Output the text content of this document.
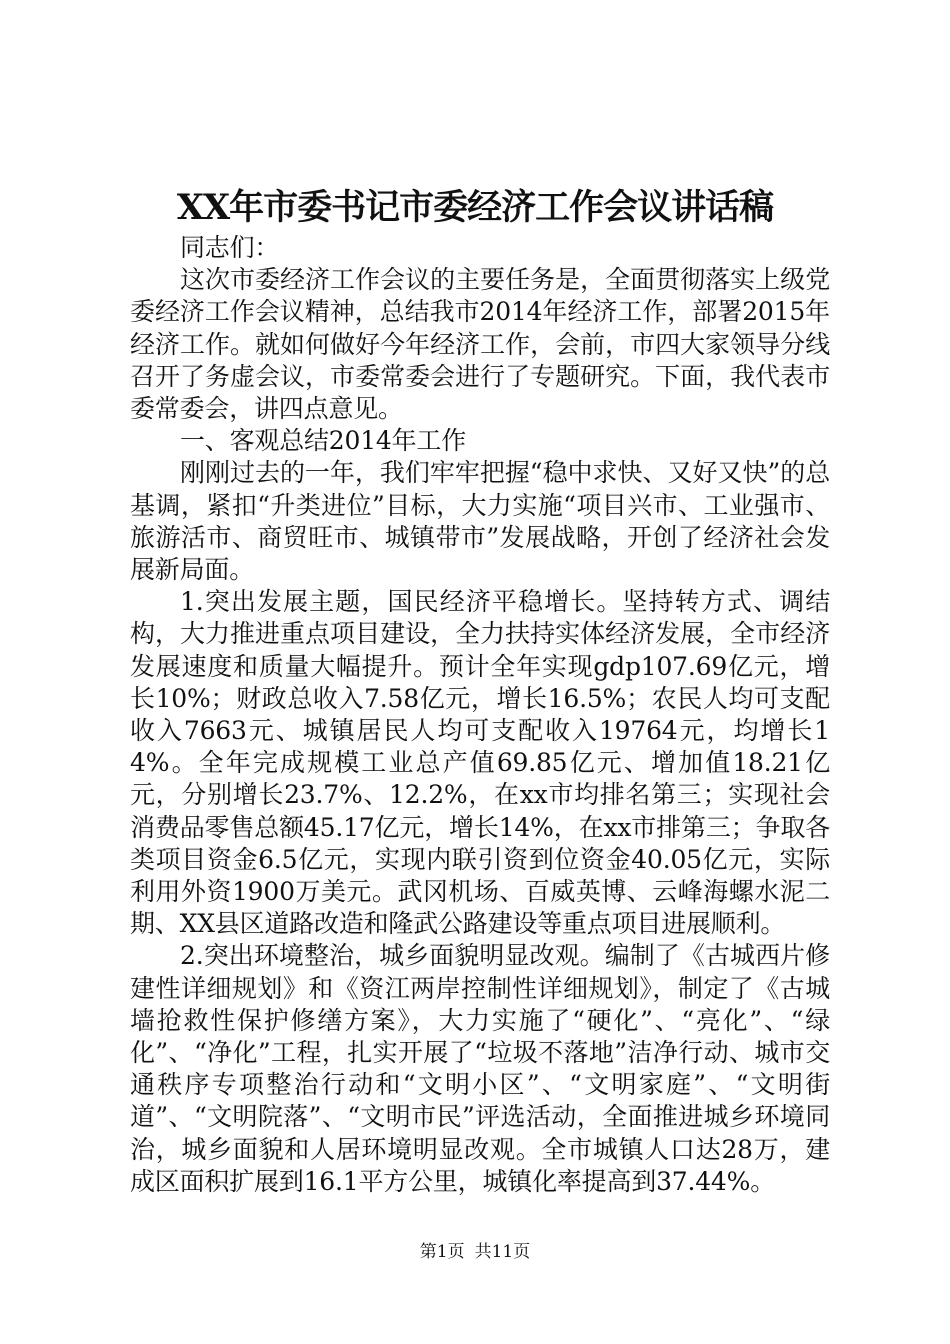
XX年市委书记市委经济工作会议讲话稿

同志们：

这次市委经济工作会议的主要任务是，全面贯彻落实上级党委经济工作会议精神，总结我市2014年经济工作，部署2015年经济工作。就如何做好今年经济工作，会前，市四大家领导分线召开了务虚会议，市委常委会进行了专题研究。下面，我代表市委常委会，讲四点意见。

一、客观总结2014年工作

刚刚过去的一年，我们牢牢把握“稳中求快、又好又快”的总基调，紧扣“升类进位”目标，大力实施“项目兴市、工业强市、旅游活市、商贸旺市、城镇带市”发展战略，开创了经济社会发展新局面。

1.突出发展主题，国民经济平稳增长。坚持转方式、调结构，大力推进重点项目建设，全力扶持实体经济发展，全市经济发展速度和质量大幅提升。预计全年实现gdp107.69亿元，增长10%；财政总收入7.58亿元，增长16.5%；农民人均可支配收入7663元、城镇居民人均可支配收入19764元，均增长14%。全年完成规模工业总产值69.85亿元、增加值18.21亿元，分别增长23.7%、12.2%，在xx市均排名第三；实现社会消费品零售总额45.17亿元，增长14%，在xx市排第三；争取各类项目资金6.5亿元，实现内联引资到位资金40.05亿元，实际利用外资1900万美元。武冈机场、百威英博、云峰海螺水泥二期、XX县区道路改造和隆武公路建设等重点项目进展顺利。

2.突出环境整治，城乡面貌明显改观。编制了《古城西片修建性详细规划》和《资江两岸控制性详细规划》，制定了《古城墙抢救性保护修缮方案》，大力实施了“硬化”、“亮化”、“绿化”、“净化”工程，扎实开展了“垃圾不落地”洁净行动、城市交通秩序专项整治行动和“文明小区”、“文明家庭”、“文明街道”、“文明院落”、“文明市民”评选活动，全面推进城乡环境同治，城乡面貌和人居环境明显改观。全市城镇人口达28万，建成区面积扩展到16.1平方公里，城镇化率提高到37.44%。

第1页 共11页
